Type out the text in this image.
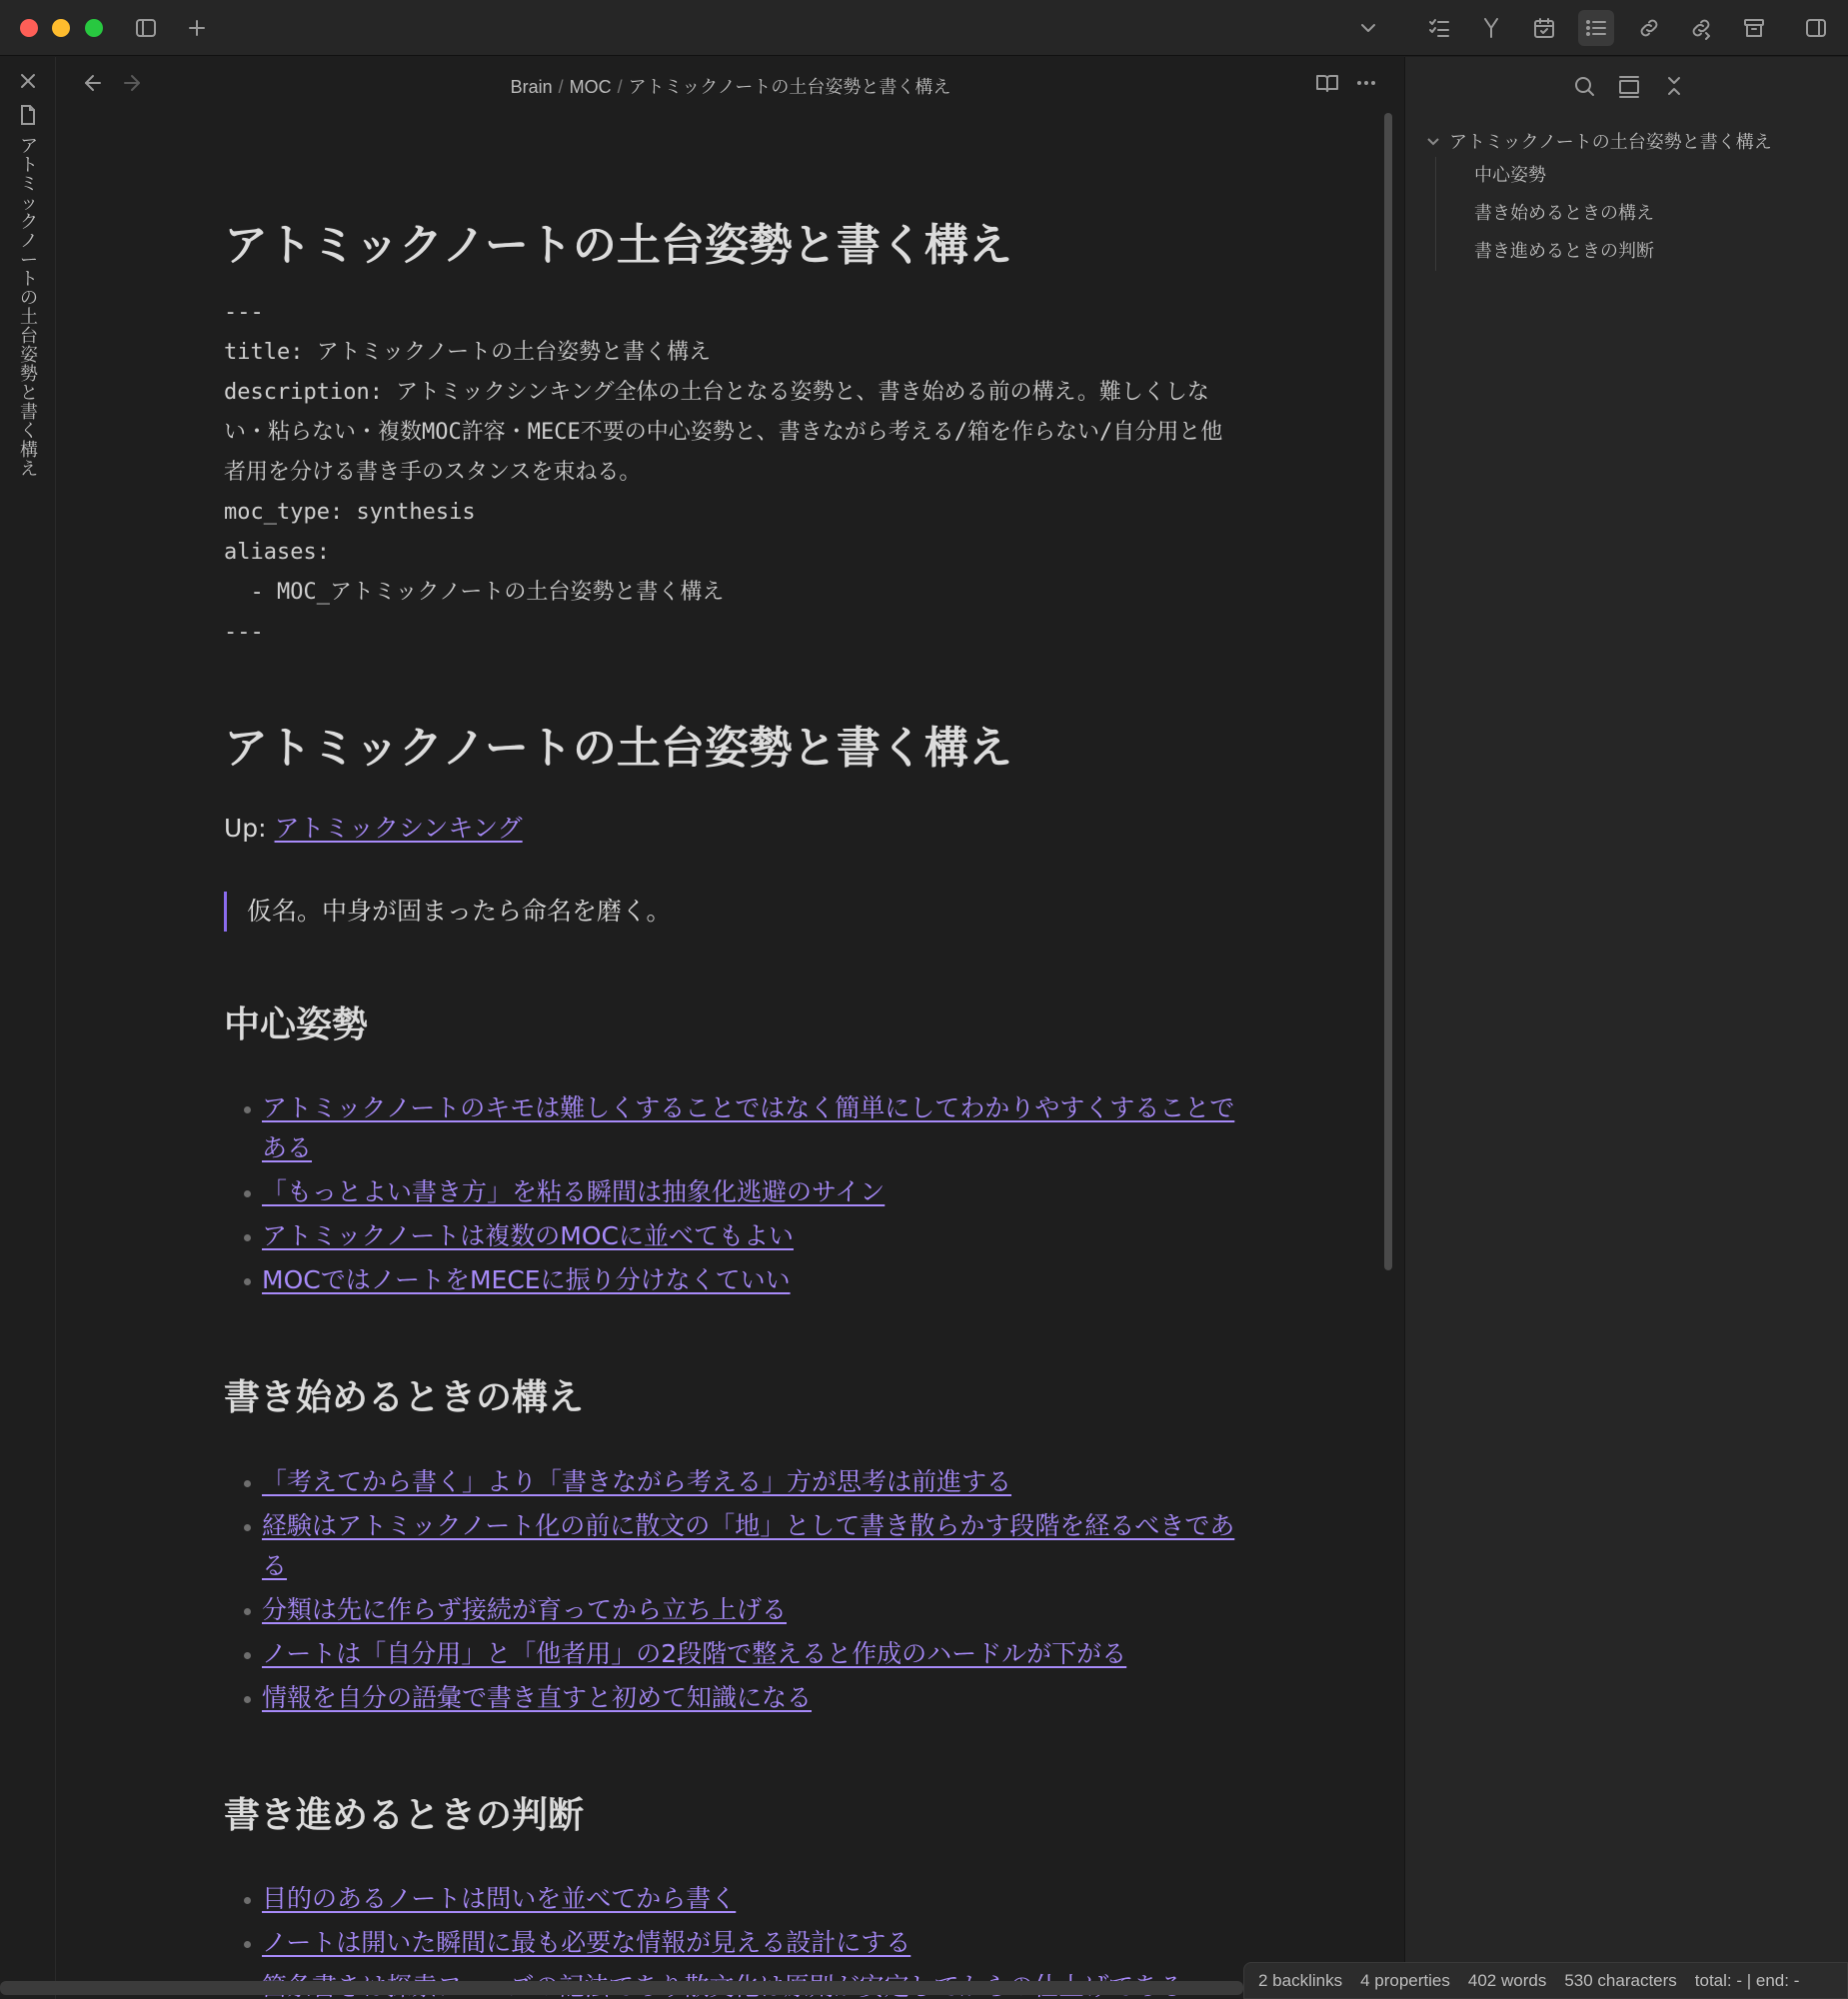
アトミックノートの土台姿勢と書く構え
Brain / MOC / アトミックノートの土台姿勢と書く構え
アトミックノートの土台姿勢と書く構え
---
title: アトミックノートの土台姿勢と書く構え
description: アトミックシンキング全体の土台となる姿勢と、書き始める前の構え。難しくしない・粘らない・複数MOC許容・MECE不要の中心姿勢と、書きながら考える/箱を作らない/自分用と他者用を分ける書き手のスタンスを束ねる。
moc_type: synthesis
aliases:
- MOC_アトミックノートの土台姿勢と書く構え
---
アトミックノートの土台姿勢と書く構え
Up: アトミックシンキング
仮名。中身が固まったら命名を磨く。
中心姿勢
アトミックノートのキモは難しくすることではなく簡単にしてわかりやすくすることである
「もっとよい書き方」を粘る瞬間は抽象化逃避のサイン
アトミックノートは複数のMOCに並べてもよい
MOCではノートをMECEに振り分けなくていい
書き始めるときの構え
「考えてから書く」より「書きながら考える」方が思考は前進する
経験はアトミックノート化の前に散文の「地」として書き散らかす段階を経るべきである
分類は先に作らず接続が育ってから立ち上げる
ノートは「自分用」と「他者用」の2段階で整えると作成のハードルが下がる
情報を自分の語彙で書き直すと初めて知識になる
書き進めるときの判断
目的のあるノートは問いを並べてから書く
ノートは開いた瞬間に最も必要な情報が見える設計にする
アトミックノートの土台姿勢と書く構え
中心姿勢
書き始めるときの構え
書き進めるときの判断
2 backlinks 4 properties 402 words 530 characters total: - | end: -
